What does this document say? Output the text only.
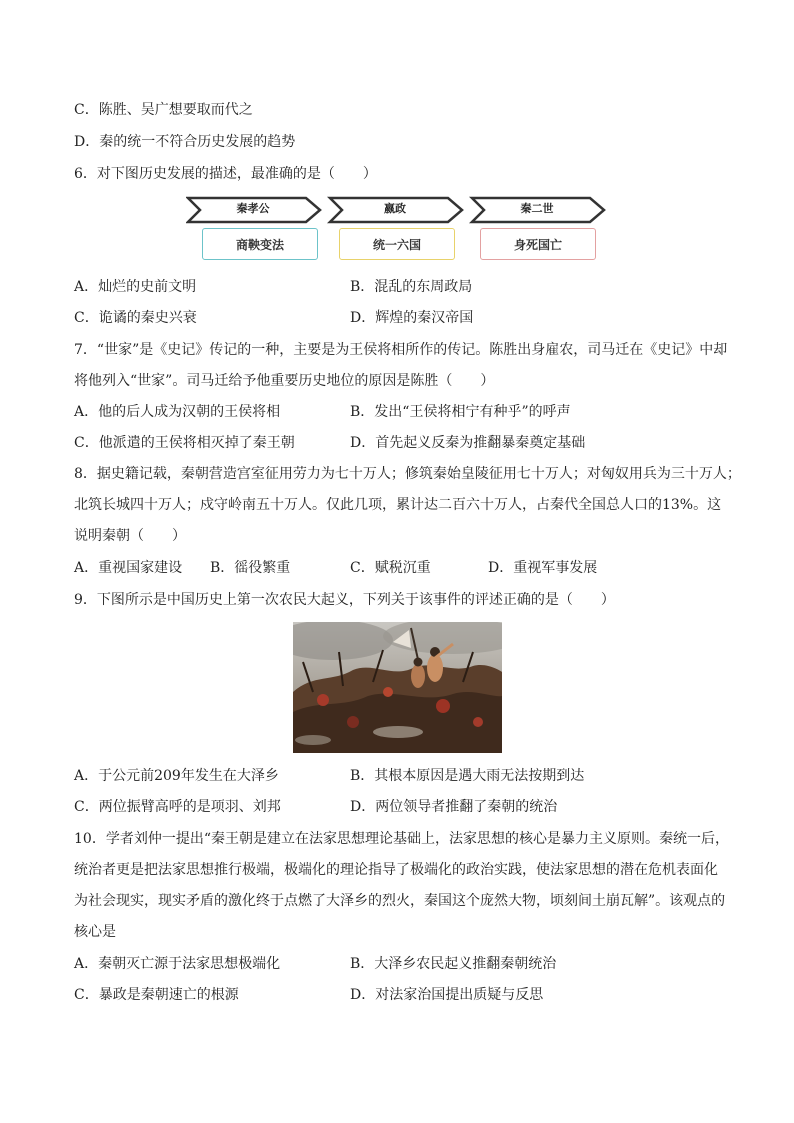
C．陈胜、吴广想要取而代之
D．秦的统一不符合历史发展的趋势
6．对下图历史发展的描述，最准确的是（　　）
秦孝公	嬴政	秦二世
商鞅变法	统一六国	身死国亡
A．灿烂的史前文明	B．混乱的东周政局
C．诡谲的秦史兴衰	D．辉煌的秦汉帝国
7．“世家”是《史记》传记的一种，主要是为王侯将相所作的传记。陈胜出身雇农，司马迁在《史记》中却
将他列入“世家”。司马迁给予他重要历史地位的原因是陈胜（　　）
A．他的后人成为汉朝的王侯将相	B．发出“王侯将相宁有种乎”的呼声
C．他派遣的王侯将相灭掉了秦王朝	D．首先起义反秦为推翻暴秦奠定基础
8．据史籍记载，秦朝营造宫室征用劳力为七十万人；修筑秦始皇陵征用七十万人；对匈奴用兵为三十万人；
北筑长城四十万人；戍守岭南五十万人。仅此几项，累计达二百六十万人，占秦代全国总人口的13%。这
说明秦朝（　　）
A．重视国家建设 B．徭役繁重	C．赋税沉重	D．重视军事发展
9．下图所示是中国历史上第一次农民大起义，下列关于该事件的评述正确的是（　　）
A．于公元前209年发生在大泽乡	B．其根本原因是遇大雨无法按期到达
C．两位振臂高呼的是项羽、刘邦	D．两位领导者推翻了秦朝的统治
10．学者刘仲一提出“秦王朝是建立在法家思想理论基础上，法家思想的核心是暴力主义原则。秦统一后，
统治者更是把法家思想推行极端，极端化的理论指导了极端化的政治实践，使法家思想的潜在危机表面化
为社会现实，现实矛盾的激化终于点燃了大泽乡的烈火，秦国这个庞然大物，顷刻间土崩瓦解”。该观点的
核心是
A．秦朝灭亡源于法家思想极端化	B．大泽乡农民起义推翻秦朝统治
C．暴政是秦朝速亡的根源	D．对法家治国提出质疑与反思
